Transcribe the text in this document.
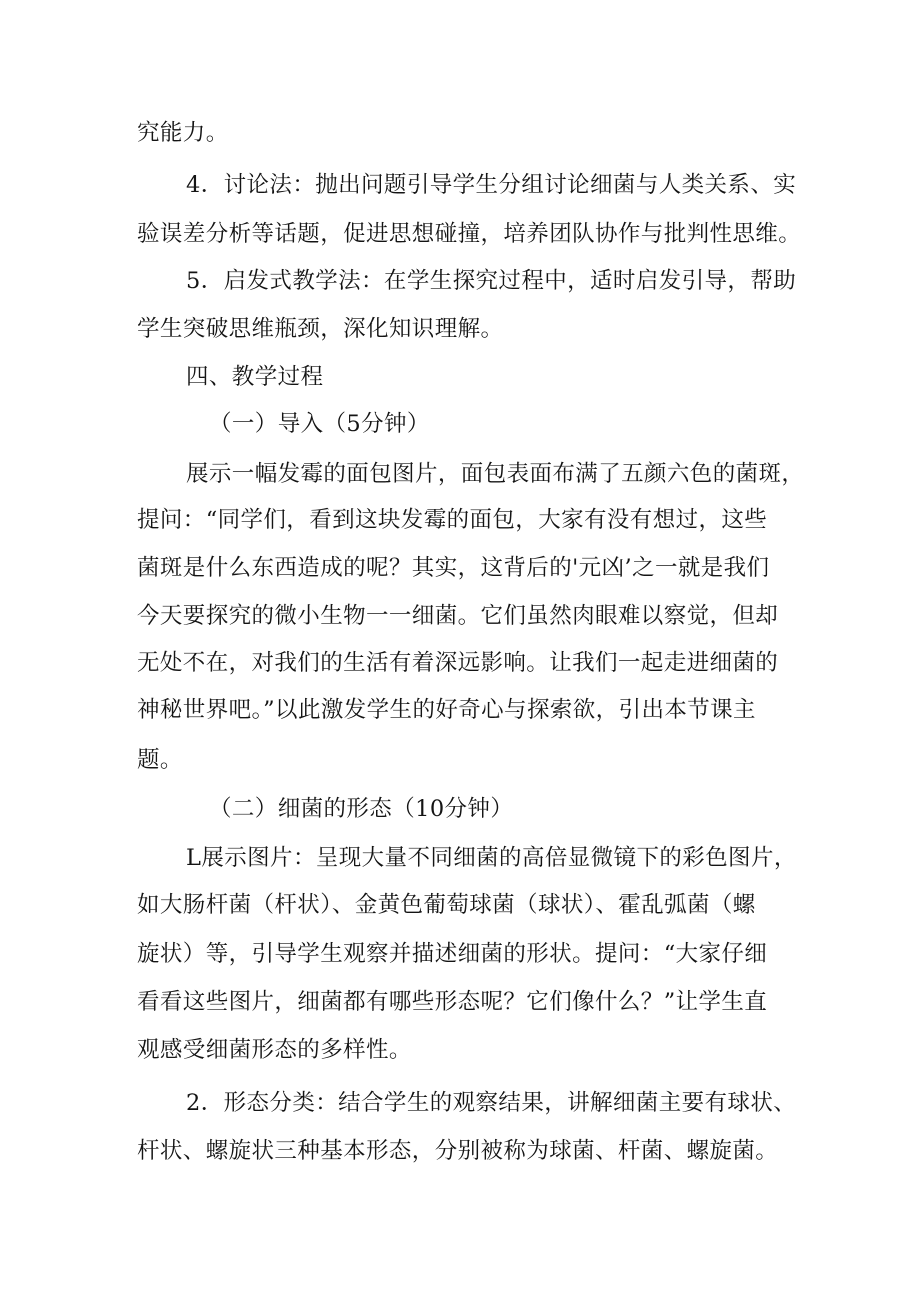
究能力。
4．讨论法：抛出问题引导学生分组讨论细菌与人类关系、实
验误差分析等话题，促进思想碰撞，培养团队协作与批判性思维。
5．启发式教学法：在学生探究过程中，适时启发引导，帮助
学生突破思维瓶颈，深化知识理解。
四、教学过程
（一）导入（5分钟）
展示一幅发霉的面包图片，面包表面布满了五颜六色的菌斑，
提问：“同学们，看到这块发霉的面包，大家有没有想过，这些
菌斑是什么东西造成的呢？其实，这背后的'元凶’之一就是我们
今天要探究的微小生物一一细菌。它们虽然肉眼难以察觉，但却
无处不在，对我们的生活有着深远影响。让我们一起走进细菌的
神秘世界吧。”以此激发学生的好奇心与探索欲，引出本节课主
题。
（二）细菌的形态（10分钟）
L展示图片：呈现大量不同细菌的高倍显微镜下的彩色图片，
如大肠杆菌（杆状）、金黄色葡萄球菌（球状）、霍乱弧菌（螺
旋状）等，引导学生观察并描述细菌的形状。提问：“大家仔细
看看这些图片，细菌都有哪些形态呢？它们像什么？”让学生直
观感受细菌形态的多样性。
2．形态分类：结合学生的观察结果，讲解细菌主要有球状、
杆状、螺旋状三种基本形态，分别被称为球菌、杆菌、螺旋菌。
